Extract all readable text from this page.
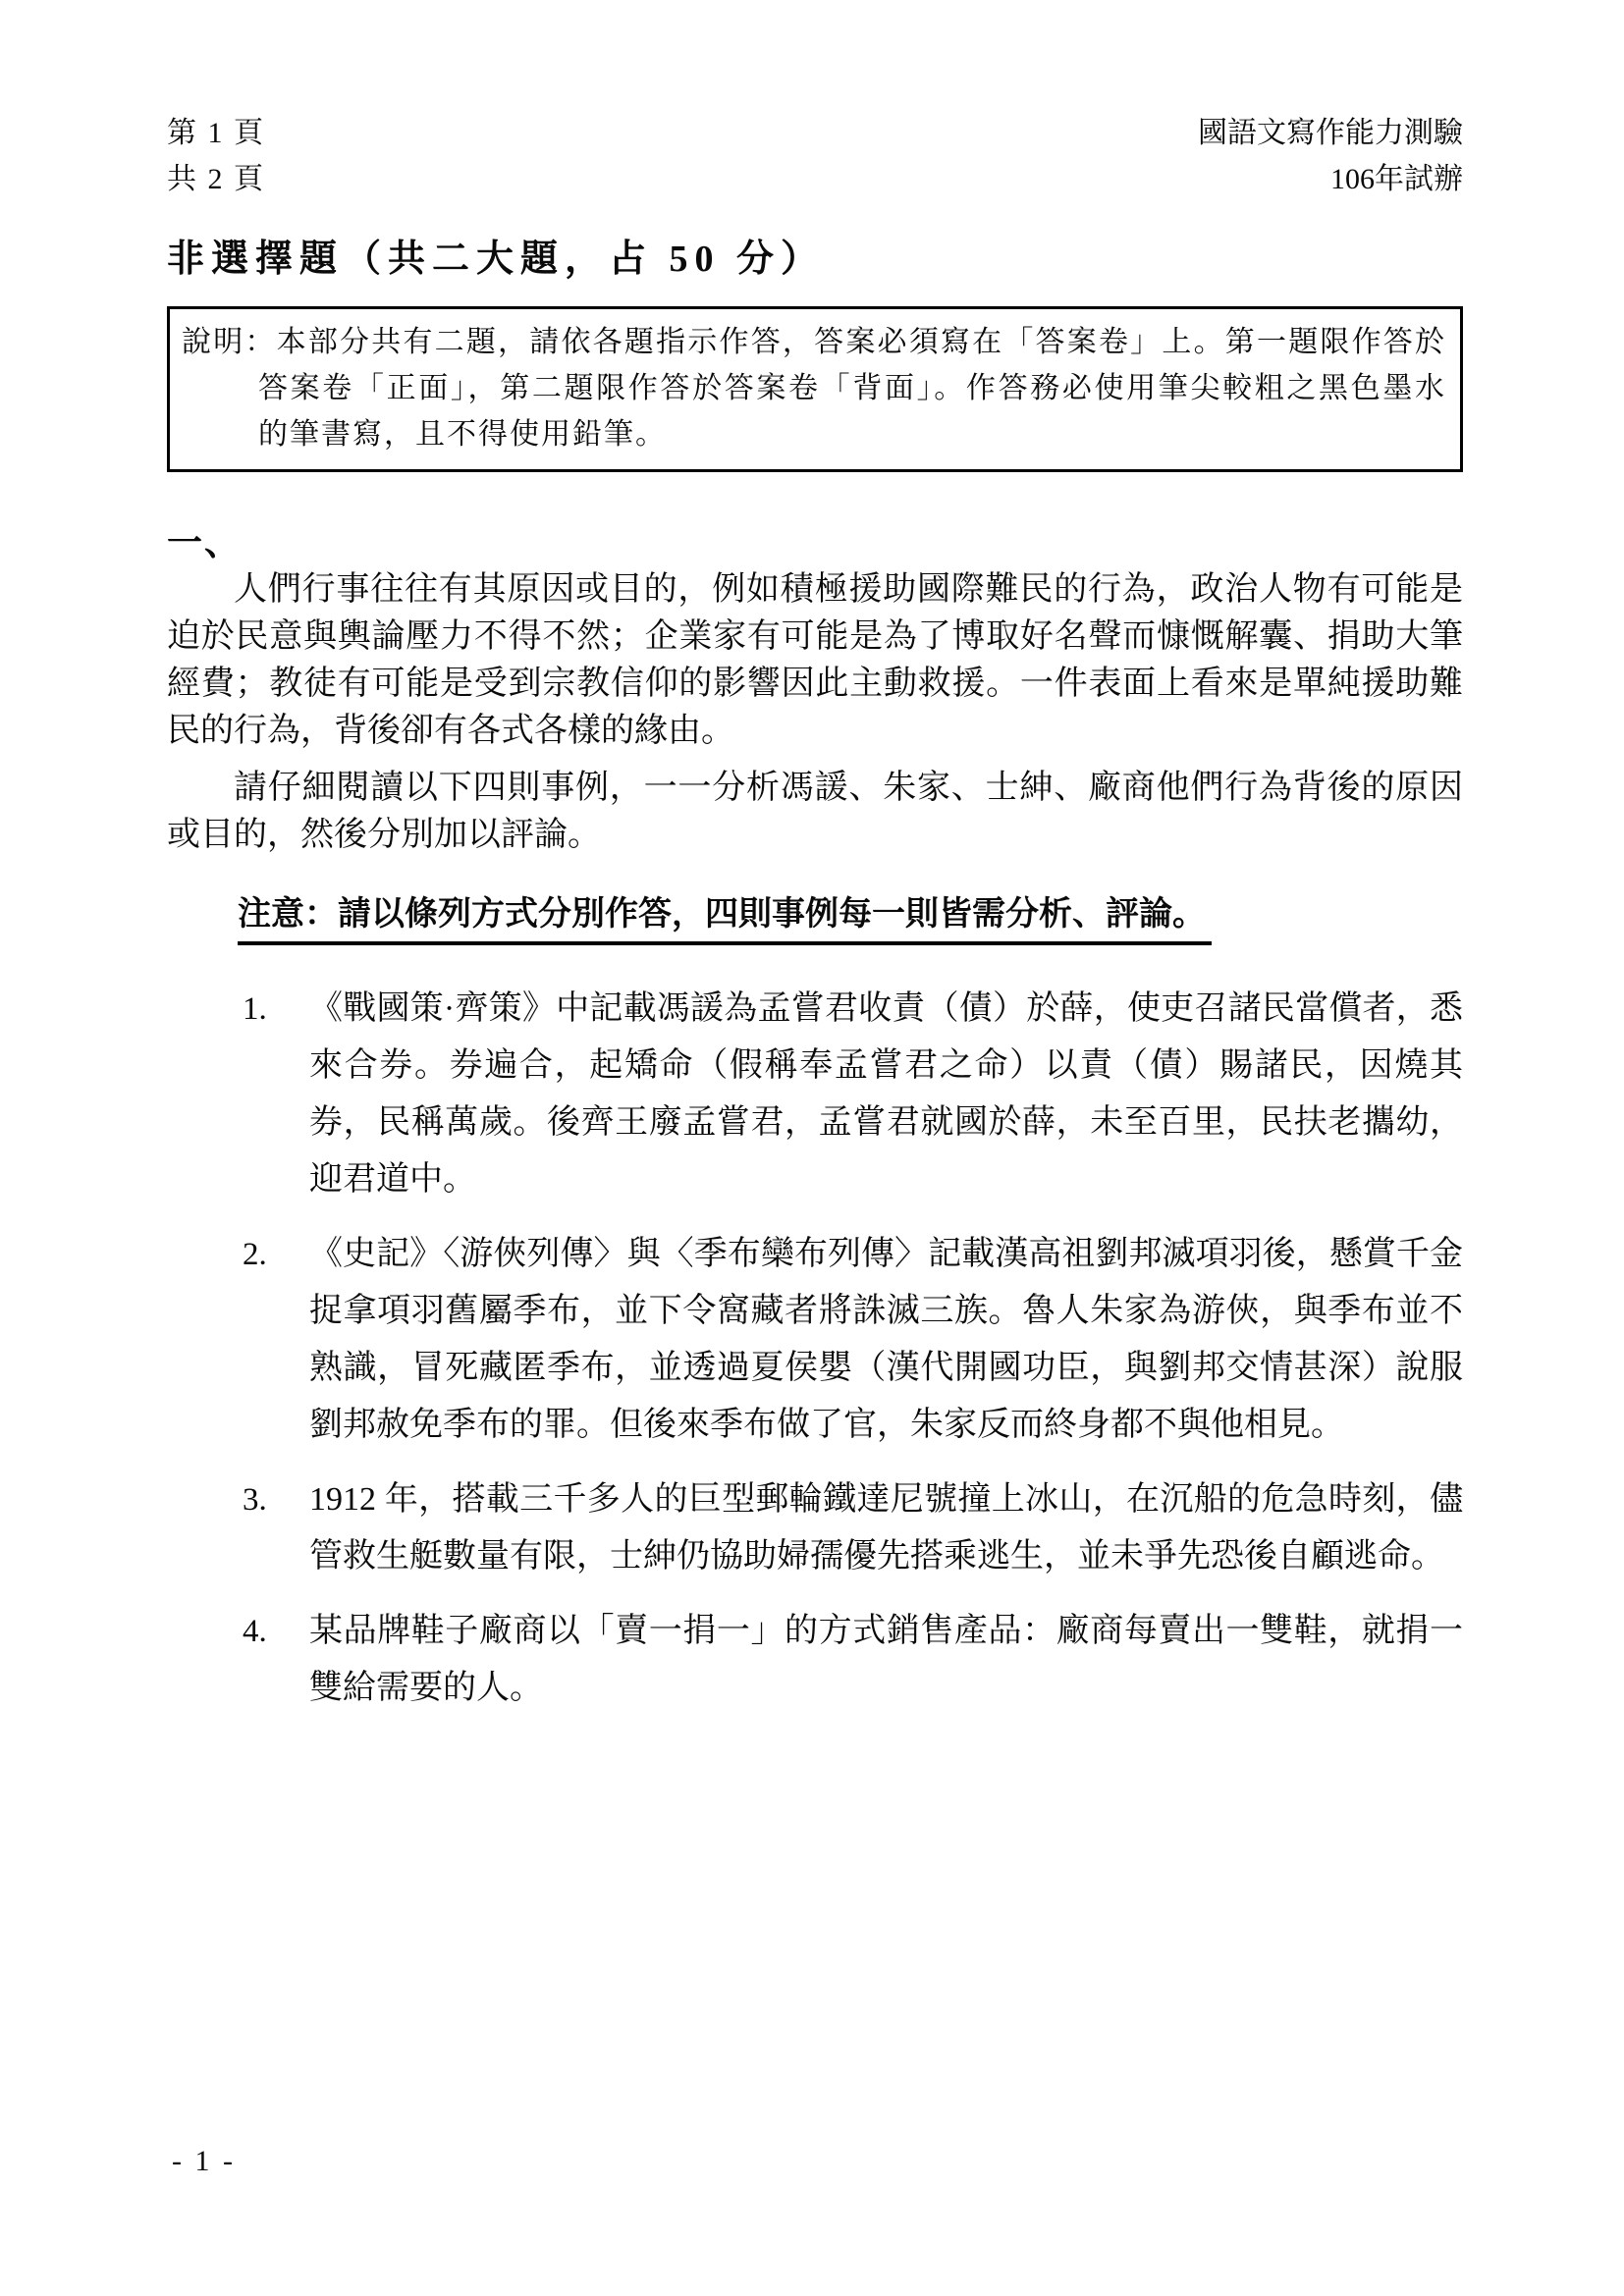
第 1 頁
共 2 頁
國語文寫作能力測驗
106年試辦
非選擇題（共二大題，占 50 分）

說明：本部分共有二題，請依各題指示作答，答案必須寫在「答案卷」上。第一題限作答於答案卷「正面」，第二題限作答於答案卷「背面」。作答務必使用筆尖較粗之黑色墨水的筆書寫，且不得使用鉛筆。

一、

人們行事往往有其原因或目的，例如積極援助國際難民的行為，政治人物有可能是迫於民意與輿論壓力不得不然；企業家有可能是為了博取好名聲而慷慨解囊、捐助大筆經費；教徒有可能是受到宗教信仰的影響因此主動救援。一件表面上看來是單純援助難民的行為，背後卻有各式各樣的緣由。

請仔細閱讀以下四則事例，一一分析馮諼、朱家、士紳、廠商他們行為背後的原因或目的，然後分別加以評論。

注意：請以條列方式分別作答，四則事例每一則皆需分析、評論。
1.	《戰國策·齊策》中記載馮諼為孟嘗君收責（債）於薛，使吏召諸民當償者，悉來合券。券遍合，起矯命（假稱奉孟嘗君之命）以責（債）賜諸民，因燒其券，民稱萬歲。後齊王廢孟嘗君，孟嘗君就國於薛，未至百里，民扶老攜幼，迎君道中。

2.	《史記》〈游俠列傳〉與〈季布欒布列傳〉記載漢高祖劉邦滅項羽後，懸賞千金捉拿項羽舊屬季布，並下令窩藏者將誅滅三族。魯人朱家為游俠，與季布並不熟識，冒死藏匿季布，並透過夏侯嬰（漢代開國功臣，與劉邦交情甚深）說服劉邦赦免季布的罪。但後來季布做了官，朱家反而終身都不與他相見。

3.	1912 年，搭載三千多人的巨型郵輪鐵達尼號撞上冰山，在沉船的危急時刻，儘管救生艇數量有限，士紳仍協助婦孺優先搭乘逃生，並未爭先恐後自顧逃命。

4.	某品牌鞋子廠商以「賣一捐一」的方式銷售產品：廠商每賣出一雙鞋，就捐一雙給需要的人。

- 1 -
